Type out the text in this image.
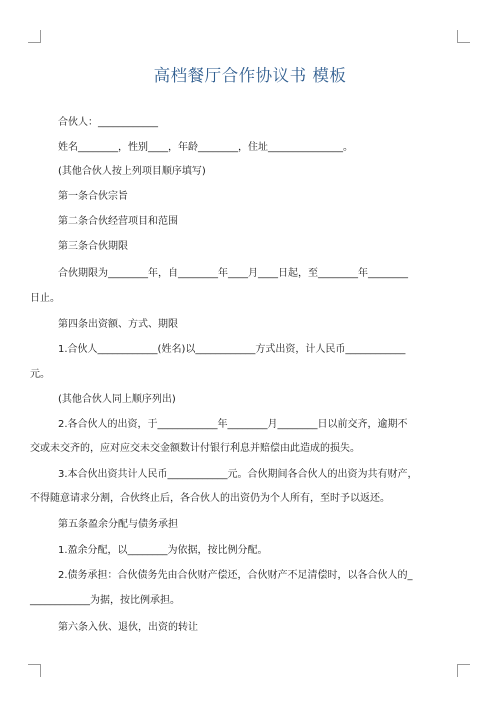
高档餐厅合作协议书 模板
合伙人：____________
姓名________，性别____，年龄________，住址_______________。
(其他合伙人按上列项目顺序填写)
第一条合伙宗旨
第二条合伙经营项目和范围
第三条合伙期限
合伙期限为________年，自________年____月____日起，至________年________
日止。
第四条出资额、方式、期限
1.合伙人____________(姓名)以____________方式出资，计人民币____________
元。
(其他合伙人同上顺序列出)
2.各合伙人的出资，于____________年________月________日以前交齐，逾期不
交或未交齐的，应对应交未交金额数计付银行利息并赔偿由此造成的损失。
3.本合伙出资共计人民币____________元。合伙期间各合伙人的出资为共有财产，
不得随意请求分割，合伙终止后，各合伙人的出资仍为个人所有，至时予以返还。
第五条盈余分配与债务承担
1.盈余分配，以________为依据，按比例分配。
2.债务承担：合伙债务先由合伙财产偿还，合伙财产不足清偿时，以各合伙人的_
____________为据，按比例承担。
第六条入伙、退伙，出资的转让
